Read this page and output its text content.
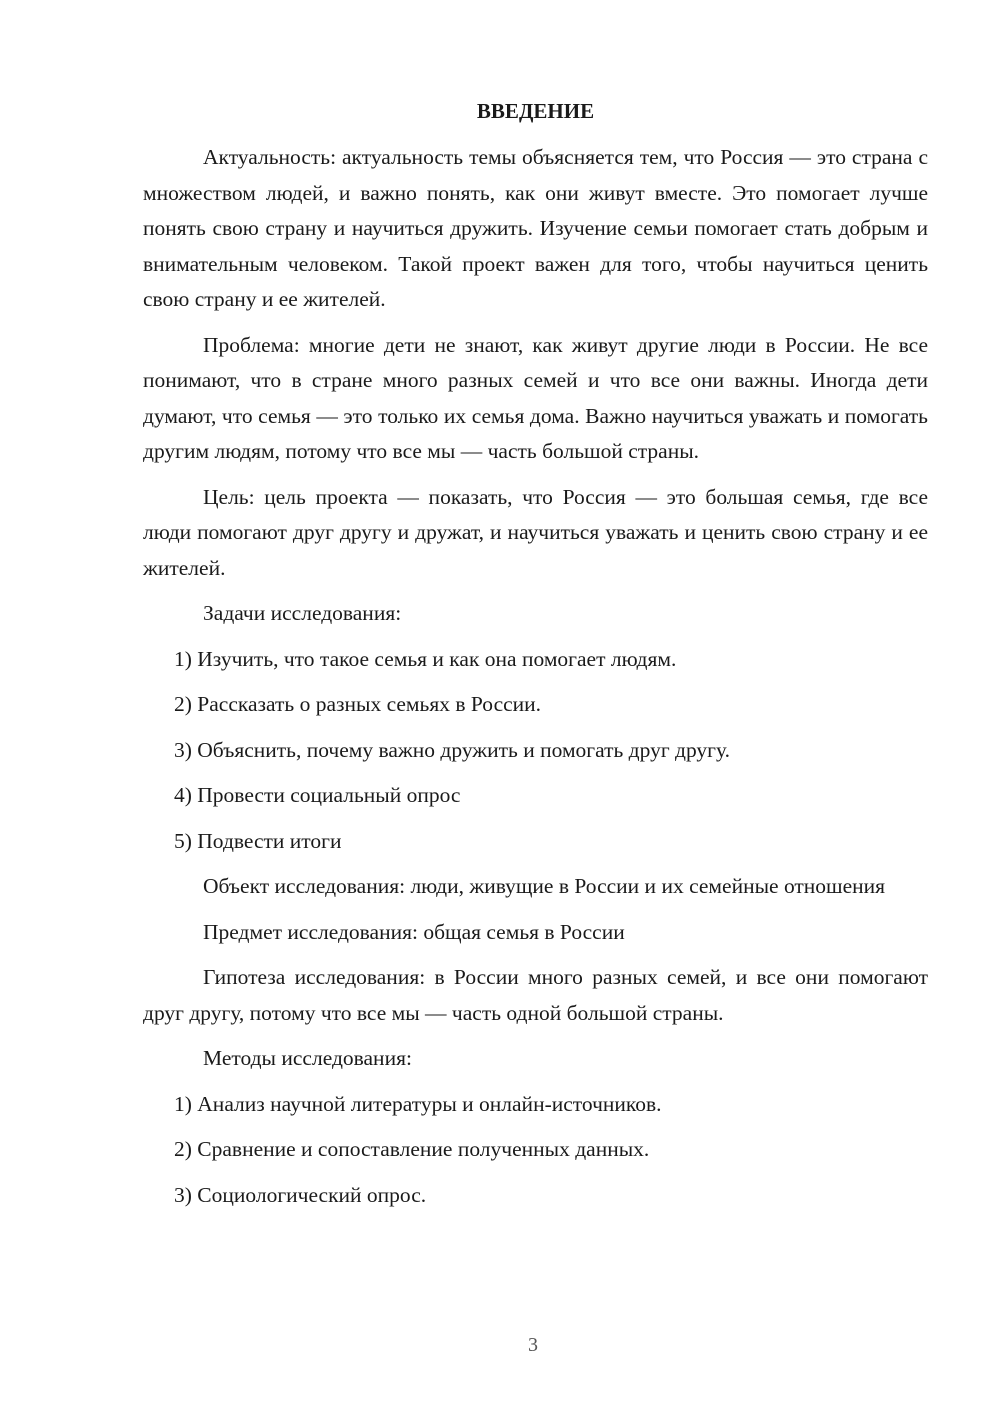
ВВЕДЕНИЕ
Актуальность: актуальность темы объясняется тем, что Россия — это страна с множеством людей, и важно понять, как они живут вместе. Это помогает лучше понять свою страну и научиться дружить. Изучение семьи помогает стать добрым и внимательным человеком. Такой проект важен для того, чтобы научиться ценить свою страну и ее жителей.
Проблема: многие дети не знают, как живут другие люди в России. Не все понимают, что в стране много разных семей и что все они важны. Иногда дети думают, что семья — это только их семья дома. Важно научиться уважать и помогать другим людям, потому что все мы — часть большой страны.
Цель: цель проекта — показать, что Россия — это большая семья, где все люди помогают друг другу и дружат, и научиться уважать и ценить свою страну и ее жителей.
Задачи исследования:
1) Изучить, что такое семья и как она помогает людям.
2) Рассказать о разных семьях в России.
3) Объяснить, почему важно дружить и помогать друг другу.
4) Провести социальный опрос
5) Подвести итоги
Объект исследования: люди, живущие в России и их семейные отношения
Предмет исследования: общая семья в России
Гипотеза исследования: в России много разных семей, и все они помогают друг другу, потому что все мы — часть одной большой страны.
Методы исследования:
1) Анализ научной литературы и онлайн-источников.
2) Сравнение и сопоставление полученных данных.
3) Социологический опрос.
3
